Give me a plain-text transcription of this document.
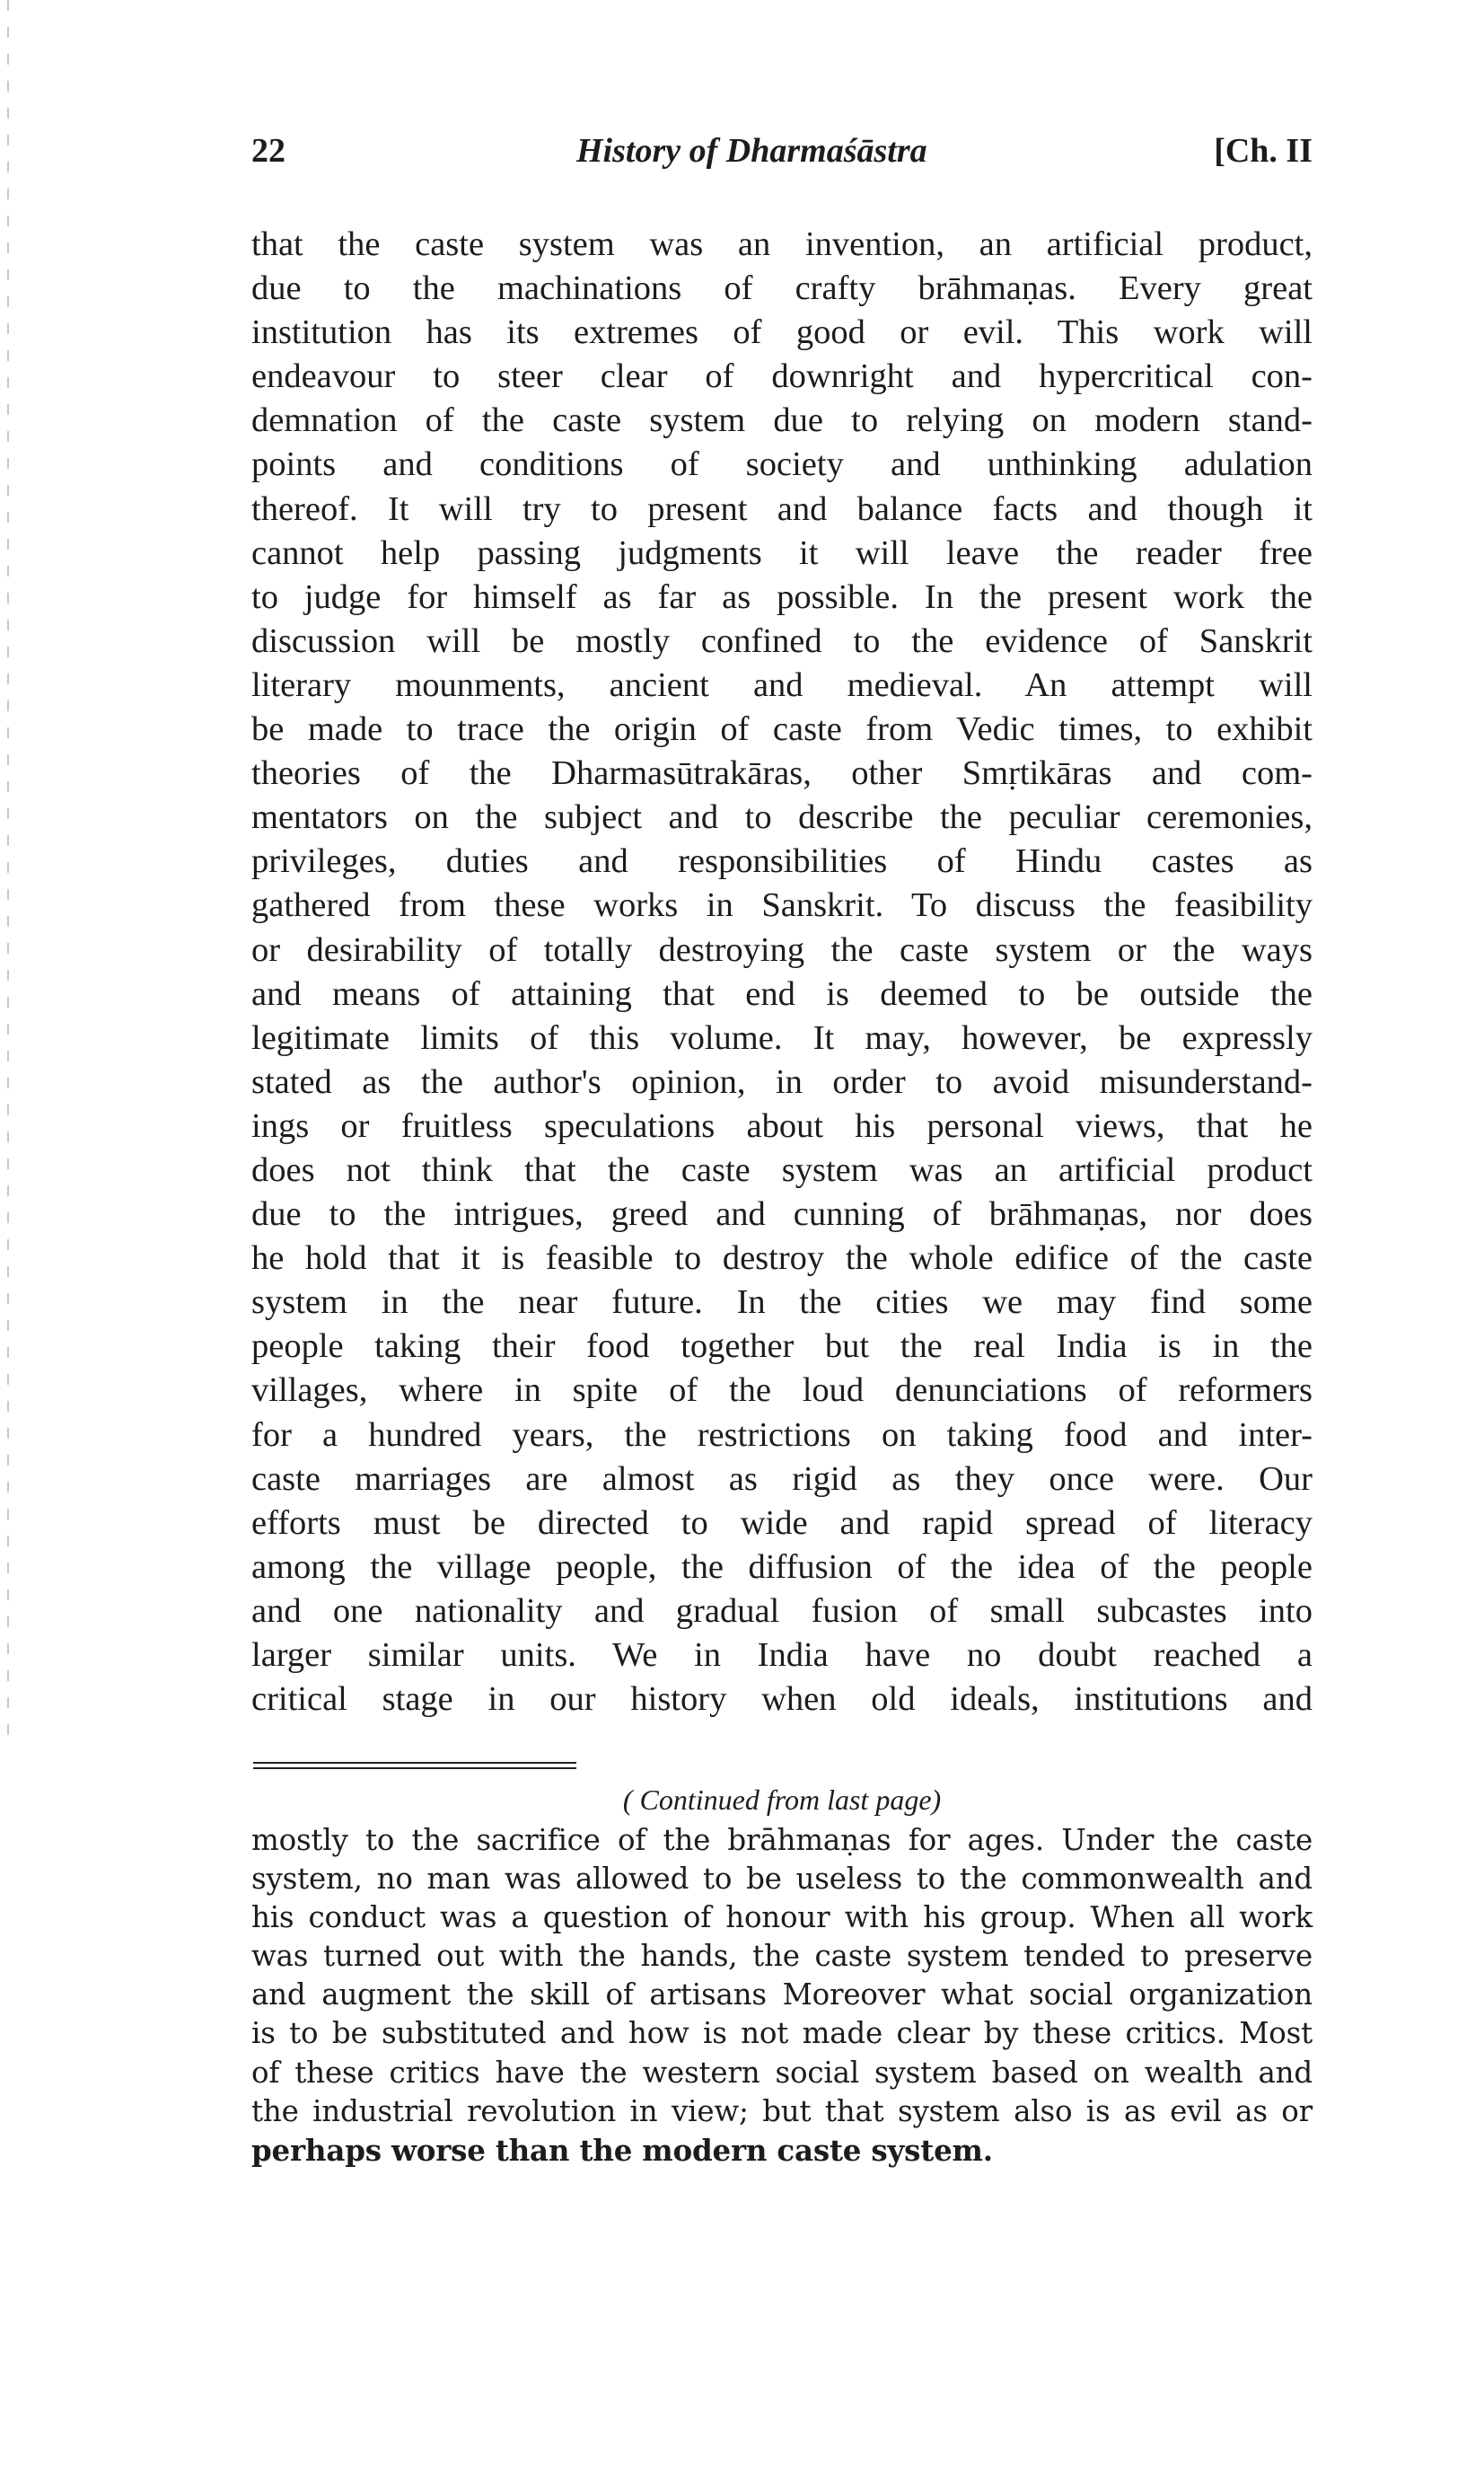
22	History of Dharmaśāstra	[Ch. II
that the caste system was an invention, an artificial product,
due to the machinations of crafty brāhmaṇas. Every great
institution has its extremes of good or evil. This work will
endeavour to steer clear of downright and hypercritical con-
demnation of the caste system due to relying on modern stand-
points and conditions of society and unthinking adulation
thereof. It will try to present and balance facts and though it
cannot help passing judgments it will leave the reader free
to judge for himself as far as possible. In the present work the
discussion will be mostly confined to the evidence of Sanskrit
literary mounments, ancient and medieval. An attempt will
be made to trace the origin of caste from Vedic times, to exhibit
theories of the Dharmasūtrakāras, other Smṛtikāras and com-
mentators on the subject and to describe the peculiar ceremonies,
privileges, duties and responsibilities of Hindu castes as
gathered from these works in Sanskrit. To discuss the feasibility
or desirability of totally destroying the caste system or the ways
and means of attaining that end is deemed to be outside the
legitimate limits of this volume. It may, however, be expressly
stated as the author's opinion, in order to avoid misunderstand-
ings or fruitless speculations about his personal views, that he
does not think that the caste system was an artificial product
due to the intrigues, greed and cunning of brāhmaṇas, nor does
he hold that it is feasible to destroy the whole edifice of the caste
system in the near future. In the cities we may find some
people taking their food together but the real India is in the
villages, where in spite of the loud denunciations of reformers
for a hundred years, the restrictions on taking food and inter-
caste marriages are almost as rigid as they once were. Our
efforts must be directed to wide and rapid spread of literacy
among the village people, the diffusion of the idea of the people
and one nationality and gradual fusion of small subcastes into
larger similar units. We in India have no doubt reached a
critical stage in our history when old ideals, institutions and
( Continued from last page)
mostly to the sacrifice of the brāhmaṇas for ages. Under the caste
system, no man was allowed to be useless to the commonwealth and
his conduct was a question of honour with his group. When all work
was turned out with the hands, the caste system tended to preserve
and augment the skill of artisans Moreover what social organization
is to be substituted and how is not made clear by these critics. Most
of these critics have the western social system based on wealth and
the industrial revolution in view; but that system also is as evil as or
perhaps worse than the modern caste system.
